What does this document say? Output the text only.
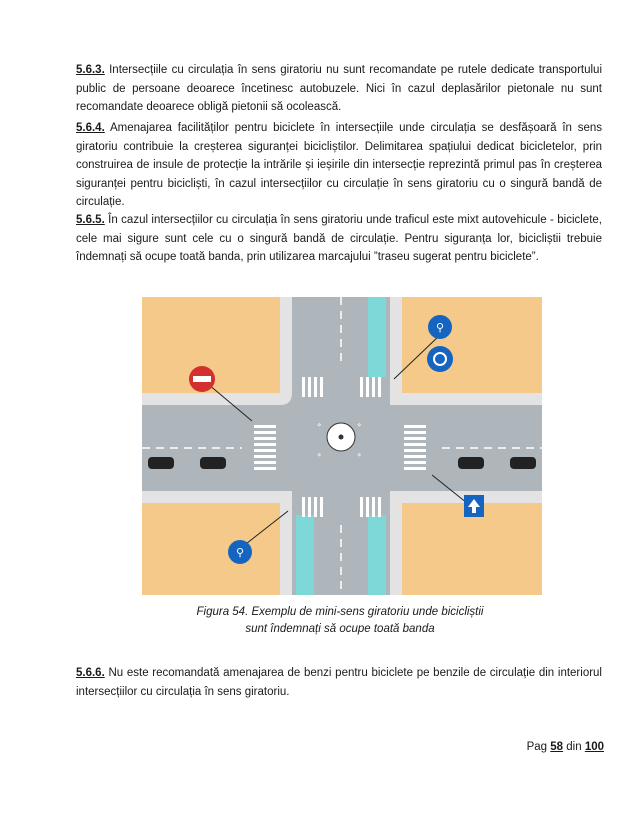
5.6.3. Intersecțiile cu circulația în sens giratoriu nu sunt recomandate pe rutele dedicate transportului public de persoane deoarece încetinesc autobuzele. Nici în cazul deplasărilor pietonale nu sunt recomandate deoarece obligă pietonii să ocolească.

5.6.4. Amenajarea facilităților pentru biciclete în intersecțiile unde circulația se desfășoară în sens giratoriu contribuie la creșterea siguranței bicicliștilor. Delimitarea spațiului dedicat bicicletelor, prin construirea de insule de protecție la intrările și ieșirile din intersecție reprezintă primul pas în creșterea siguranței pentru bicicliști, în cazul intersecțiilor cu circulație în sens giratoriu cu o singură bandă de circulație.

5.6.5. În cazul intersecțiilor cu circulația în sens giratoriu unde traficul este mixt autovehicule - biciclete, cele mai sigure sunt cele cu o singură bandă de circulație. Pentru siguranța lor, bicicliștii trebuie îndemnați să ocupe toată banda, prin utilizarea marcajului ”traseu sugerat pentru biciclete”.

⋄	⋄
⋄	⋄
⚲
⚲
Figura 54. Exemplu de mini-sens giratoriu unde bicicliștii
sunt îndemnați să ocupe toată banda

5.6.6. Nu este recomandată amenajarea de benzi pentru biciclete pe benzile de circulație din interiorul intersecțiilor cu circulația în sens giratoriu.

Pag 58 din 100
